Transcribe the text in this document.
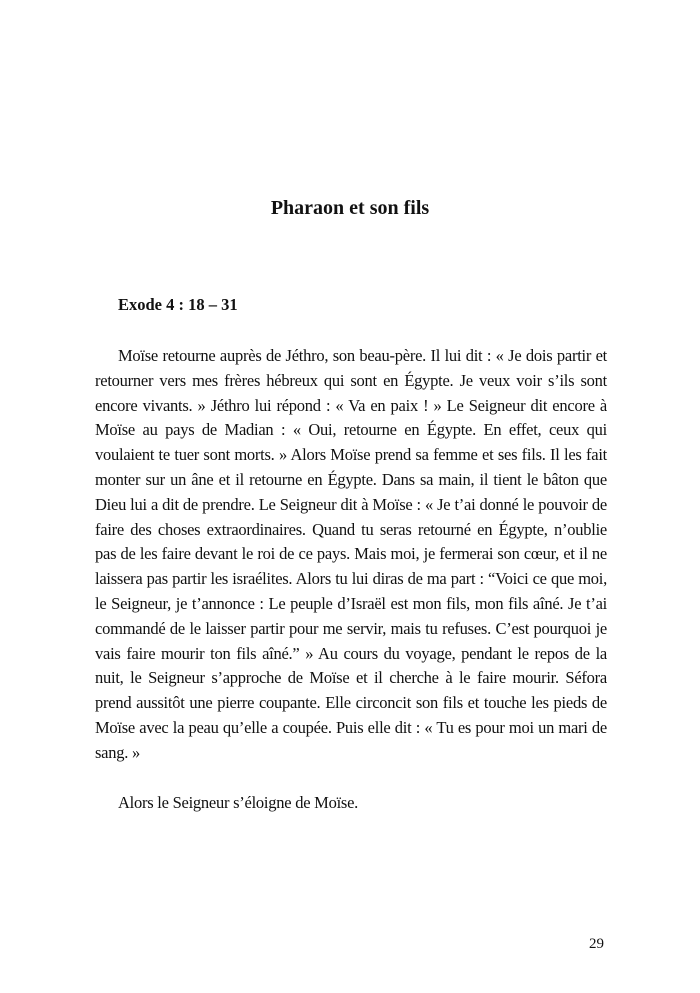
Pharaon et son fils

Exode 4 : 18 – 31

Moïse retourne auprès de Jéthro, son beau-père. Il lui dit : « Je dois partir et retourner vers mes frères hébreux qui sont en Égypte. Je veux voir s’ils sont encore vivants. » Jéthro lui répond : « Va en paix ! » Le Seigneur dit encore à Moïse au pays de Madian : « Oui, retourne en Égypte. En effet, ceux qui voulaient te tuer sont morts. » Alors Moïse prend sa femme et ses fils. Il les fait monter sur un âne et il retourne en Égypte. Dans sa main, il tient le bâton que Dieu lui a dit de prendre. Le Seigneur dit à Moïse : « Je t’ai donné le pouvoir de faire des choses extraordinaires. Quand tu seras retourné en Égypte, n’oublie pas de les faire devant le roi de ce pays. Mais moi, je fermerai son cœur, et il ne laissera pas partir les israélites. Alors tu lui diras de ma part : “Voici ce que moi, le Seigneur, je t’annonce : Le peuple d’Israël est mon fils, mon fils aîné. Je t’ai commandé de le laisser partir pour me servir, mais tu refuses. C’est pourquoi je vais faire mourir ton fils aîné.” » Au cours du voyage, pendant le repos de la nuit, le Seigneur s’approche de Moïse et il cherche à le faire mourir. Séfora prend aussitôt une pierre coupante. Elle circoncit son fils et touche les pieds de Moïse avec la peau qu’elle a coupée. Puis elle dit : « Tu es pour moi un mari de sang. »

Alors le Seigneur s’éloigne de Moïse.

29
